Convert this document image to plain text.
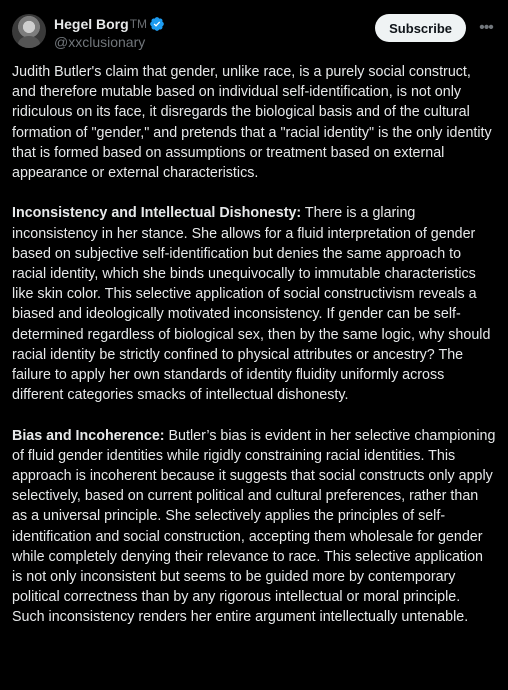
Hegel Borg TM
@xxclusionary
Subscribe	•••

Judith Butler's claim that gender, unlike race, is a purely social construct, and therefore mutable based on individual self-identification, is not only ridiculous on its face, it disregards the biological basis and of the cultural formation of "gender," and pretends that a "racial identity" is the only identity that is formed based on assumptions or treatment based on external appearance or external characteristics.

Inconsistency and Intellectual Dishonesty: There is a glaring inconsistency in her stance. She allows for a fluid interpretation of gender based on subjective self-identification but denies the same approach to racial identity, which she binds unequivocally to immutable characteristics like skin color. This selective application of social constructivism reveals a biased and ideologically motivated inconsistency. If gender can be self-determined regardless of biological sex, then by the same logic, why should racial identity be strictly confined to physical attributes or ancestry? The failure to apply her own standards of identity fluidity uniformly across different categories smacks of intellectual dishonesty.

Bias and Incoherence: Butler’s bias is evident in her selective championing of fluid gender identities while rigidly constraining racial identities. This approach is incoherent because it suggests that social constructs only apply selectively, based on current political and cultural preferences, rather than as a universal principle. She selectively applies the principles of self-identification and social construction, accepting them wholesale for gender while completely denying their relevance to race. This selective application is not only inconsistent but seems to be guided more by contemporary political correctness than by any rigorous intellectual or moral principle. Such inconsistency renders her entire argument intellectually untenable.
